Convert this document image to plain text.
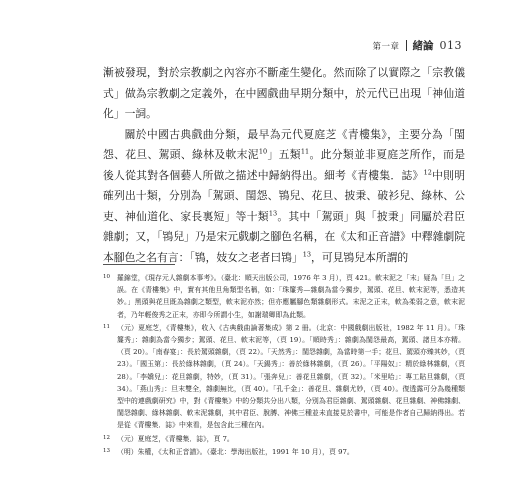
第一章 緒論 013

漸被發現，對於宗教劇之內容亦不斷產生變化。然而除了以實際之「宗教儀式」做為宗教劇之定義外，在中國戲曲早期分類中，於元代已出現「神仙道化」一詞。

關於中國古典戲曲分類，最早為元代夏庭芝《青樓集》，主要分為「閨怨、花旦、駕頭、綠林及軟末泥$^{10}$」五類$^{11}$。此分類並非夏庭芝所作，而是後人從其對各個藝人所做之描述中歸納得出。細考《青樓集．誌》$^{12}$中則明確列出十類，分別為「駕頭、閨怨、鴇兒、花旦、披秉、破衫兒、綠林、公吏、神仙道化、家長裏短」等十類$^{13}$。其中「駕頭」與「披秉」同屬於君臣雜劇；又，「鴇兒」乃是宋元戲劇之腳色名稱，在《太和正音譜》中釋雜劇院本腳色之名有言：「鴇，妓女之老者曰鴇」$^{13}$，可見鴇兒本所謂的

10	羅錦堂，《現存元人雜劇本事考》。（臺北：順天出版公司，1976 年 3 月），頁 421。軟末泥之「末」疑為「旦」之誤。在《青樓集》中，實有其他旦角類型名稱，如：「珠簾秀—雜劇為當今獨步，駕頭、花旦、軟末泥等，悉造其妙。」黑頭與花旦既為雜劇之類型，軟末泥亦然；但亦應屬腳色類雜劇形式。末泥之正末，軟為柔弱之意，軟末泥者，乃年輕俊秀之正末，亦即今所謂小生，如謝瑞卿即為此類。
11	（元）夏庭芝，《青樓集》，收入《古典戲曲論著集成》第 2 冊。（北京：中國戲劇出版社，1982 年 11 月）。「珠簾秀」：雜劇為當今獨步；駕頭、花旦、軟末泥等，（頁 19）。「順時秀」：雜劇為閨怨最高，駕頭、諸旦本亦精。（頁 20）。「南春宴」：長於駕頭雜劇，（頁 22）。「天然秀」：閨怨雜劇，為當時第一手；花旦、駕頭亦臻其妙，（頁 23）。「國玉第」：長於綠林雜劇，（頁 24）。「天錫秀」：善於綠林雜劇，（頁 26）。「平陽奴」：精於綠林雜劇，（頁 28）。「李嬌兒」：花旦雜劇，特妙，（頁 31）。「張奔兒」：善花旦雜劇，（頁 32）。「米里哈」：專工貼旦雜劇，（頁 34）。「燕山秀」：旦末雙全，雜劇無比，（頁 40）。「孔千金」：善花旦、雜劇尤妙，（頁 40）。復透露可分為幾種類型中的連戲劇研究》中，對《青樓集》中的分類共分出八類，分別為君臣雜劇、駕頭雜劇、花旦雜劇、神佛雜劇、閨怨雜劇、綠林雜劇、軟末泥雜劇，其中君臣、脫膊、神佛三種並未直接見於書中，可能是作者自己歸納得出。若是從《青樓集．誌》中來看，是包含此三種在內。
12	（元）夏庭芝，《青樓集．誌》，頁 7。
13	（明）朱權，《太和正音譜》。（臺北：學海出版社，1991 年 10 月），頁 97。
